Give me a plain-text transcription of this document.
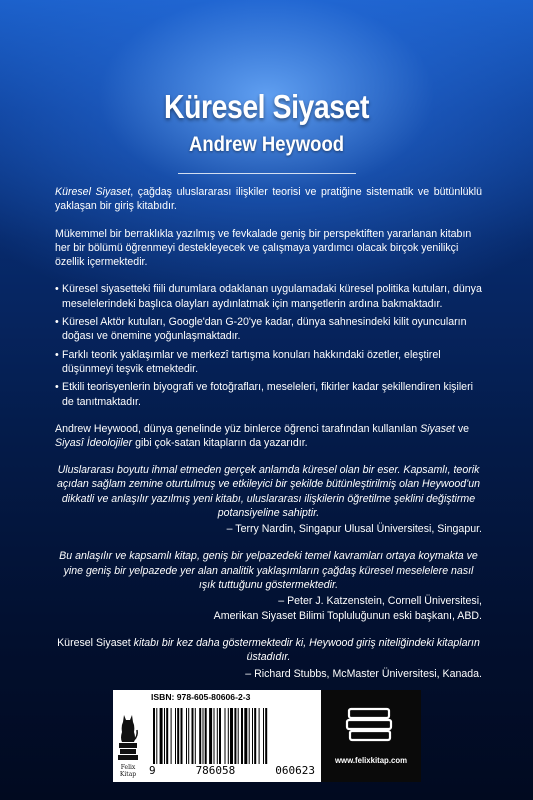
Küresel Siyaset
Andrew Heywood

Küresel Siyaset, çağdaş uluslararası ilişkiler teorisi ve pratiğine sistematik ve bütünlüklü yaklaşan bir giriş kitabıdır.

Mükemmel bir berraklıkla yazılmış ve fevkalade geniş bir perspektiften yararlanan kitabın her bir bölümü öğrenmeyi destekleyecek ve çalışmaya yardımcı olacak birçok yenilikçi özellik içermektedir.

• Küresel siyasetteki fiili durumlara odaklanan uygulamadaki küresel politika kutuları, dünya meselelerindeki başlıca olayları aydınlatmak için manşetlerin ardına bakmaktadır.
• Küresel Aktör kutuları, Google'dan G-20'ye kadar, dünya sahnesindeki kilit oyuncuların doğası ve önemine yoğunlaşmaktadır.
• Farklı teorik yaklaşımlar ve merkezî tartışma konuları hakkındaki özetler, eleştirel düşünmeyi teşvik etmektedir.
• Etkili teorisyenlerin biyografi ve fotoğrafları, meseleleri, fikirler kadar şekillendiren kişileri de tanıtmaktadır.

Andrew Heywood, dünya genelinde yüz binlerce öğrenci tarafından kullanılan Siyaset ve Siyasî İdeolojiler gibi çok-satan kitapların da yazarıdır.

Uluslararası boyutu ihmal etmeden gerçek anlamda küresel olan bir eser. Kapsamlı, teorik açıdan sağlam zemine oturtulmuş ve etkileyici bir şekilde bütünleştirilmiş olan Heywood'un dikkatli ve anlaşılır yazılmış yeni kitabı, uluslararası ilişkilerin öğretilme şeklini değiştirme potansiyeline sahiptir.

– Terry Nardin, Singapur Ulusal Üniversitesi, Singapur.

Bu anlaşılır ve kapsamlı kitap, geniş bir yelpazedeki temel kavramları ortaya koymakta ve yine geniş bir yelpazede yer alan analitik yaklaşımların çağdaş küresel meselelere nasıl ışık tuttuğunu göstermektedir.

– Peter J. Katzenstein, Cornell Üniversitesi,

Amerikan Siyaset Bilimi Topluluğunun eski başkanı, ABD.

Küresel Siyaset kitabı bir kez daha göstermektedir ki, Heywood giriş niteliğindeki kitapların üstadıdır.

– Richard Stubbs, McMaster Üniversitesi, Kanada.

Felix Kitap
ISBN: 978-605-80606-2-3
9	786058	060623
www.felixkitap.com
